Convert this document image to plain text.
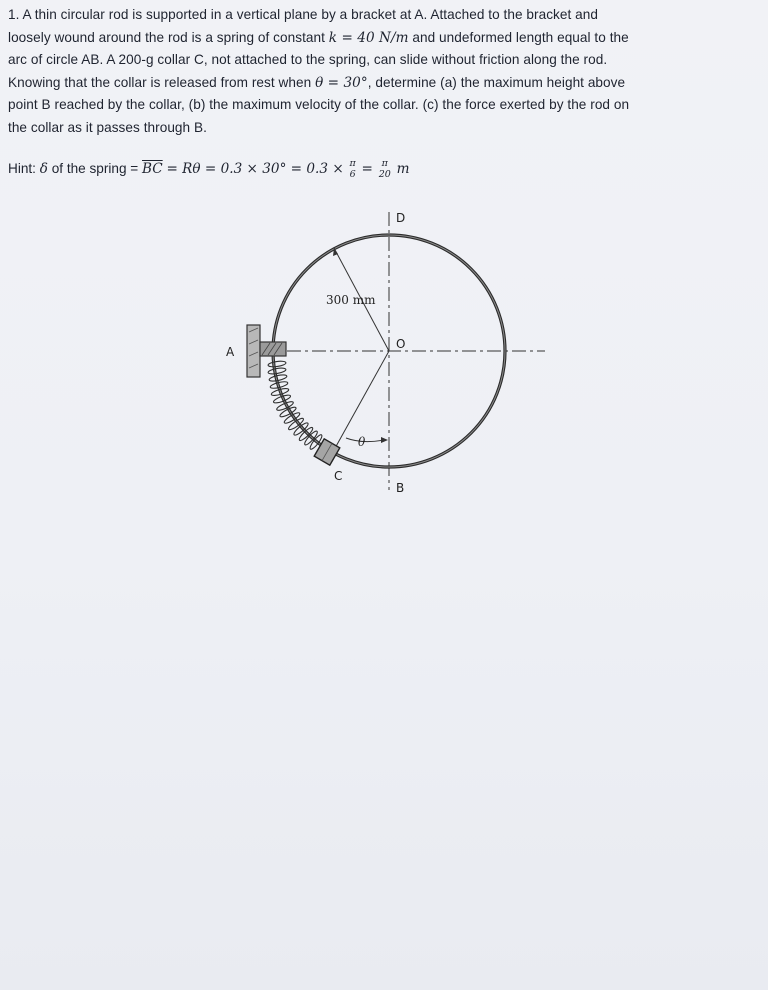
1. A thin circular rod is supported in a vertical plane by a bracket at A. Attached to the bracket and

loosely wound around the rod is a spring of constant k = 40 N/m and undeformed length equal to the

arc of circle AB. A 200-g collar C, not attached to the spring, can slide without friction along the rod.

Knowing that the collar is released from rest when θ = 30°, determine (a) the maximum height above

point B reached by the collar, (b) the maximum velocity of the collar. (c) the force exerted by the rod on

the collar as it passes through B.

Hint: δ of the spring = $\overline{BC} = R\theta = 0.3 \times 30^\circ = 0.3 \times \pi$
6 = π
20 m
A
D
O
B
C
300 mm
θ
